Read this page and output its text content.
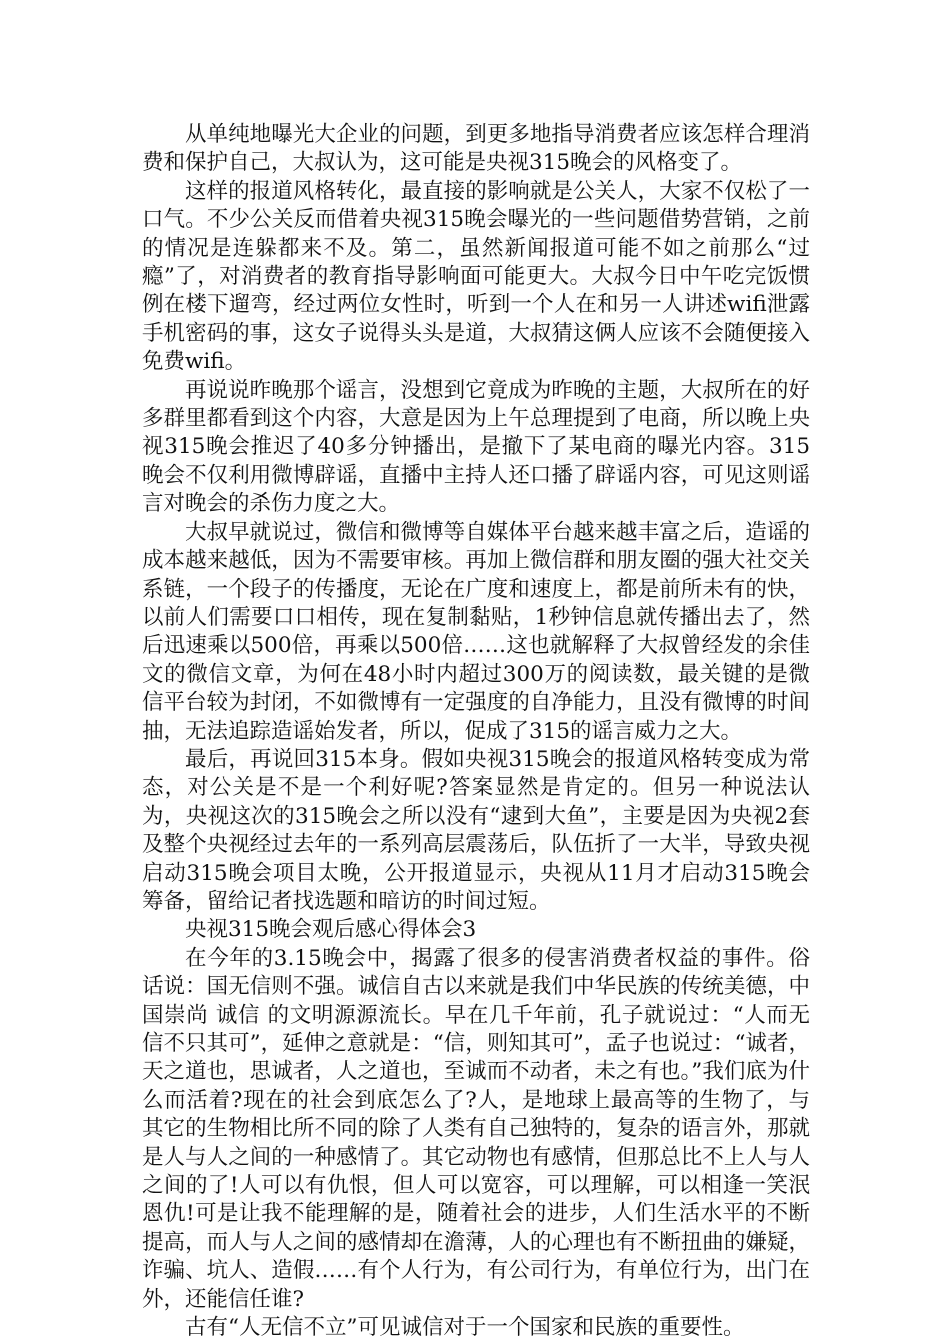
从单纯地曝光大企业的问题，到更多地指导消费者应该怎样合理消费和保护自己，大叔认为，这可能是央视315晚会的风格变了。

这样的报道风格转化，最直接的影响就是公关人，大家不仅松了一口气。不少公关反而借着央视315晚会曝光的一些问题借势营销，之前的情况是连躲都来不及。第二，虽然新闻报道可能不如之前那么“过瘾”了，对消费者的教育指导影响面可能更大。大叔今日中午吃完饭惯例在楼下遛弯，经过两位女性时，听到一个人在和另一人讲述wifi泄露手机密码的事，这女子说得头头是道，大叔猜这俩人应该不会随便接入免费wifi。

再说说昨晚那个谣言，没想到它竟成为昨晚的主题，大叔所在的好多群里都看到这个内容，大意是因为上午总理提到了电商，所以晚上央视315晚会推迟了40多分钟播出，是撤下了某电商的曝光内容。315晚会不仅利用微博辟谣，直播中主持人还口播了辟谣内容，可见这则谣言对晚会的杀伤力度之大。

大叔早就说过，微信和微博等自媒体平台越来越丰富之后，造谣的成本越来越低，因为不需要审核。再加上微信群和朋友圈的强大社交关系链，一个段子的传播度，无论在广度和速度上，都是前所未有的快，以前人们需要口口相传，现在复制黏贴，1秒钟信息就传播出去了，然后迅速乘以500倍，再乘以500倍……这也就解释了大叔曾经发的余佳文的微信文章，为何在48小时内超过300万的阅读数，最关键的是微信平台较为封闭，不如微博有一定强度的自净能力，且没有微博的时间抽，无法追踪造谣始发者，所以，促成了315的谣言威力之大。

最后，再说回315本身。假如央视315晚会的报道风格转变成为常态，对公关是不是一个利好呢?答案显然是肯定的。但另一种说法认为，央视这次的315晚会之所以没有“逮到大鱼”，主要是因为央视2套及整个央视经过去年的一系列高层震荡后，队伍折了一大半，导致央视启动315晚会项目太晚，公开报道显示，央视从11月才启动315晚会筹备，留给记者找选题和暗访的时间过短。

央视315晚会观后感心得体会3

在今年的3.15晚会中，揭露了很多的侵害消费者权益的事件。俗话说：国无信则不强。诚信自古以来就是我们中华民族的传统美德，中国崇尚 诚信 的文明源源流长。早在几千年前，孔子就说过：“人而无信不只其可”，延伸之意就是：“信，则知其可”，孟子也说过：“诚者，天之道也，思诚者，人之道也，至诚而不动者，未之有也。”我们底为什么而活着?现在的社会到底怎么了?人，是地球上最高等的生物了，与其它的生物相比所不同的除了人类有自己独特的，复杂的语言外，那就是人与人之间的一种感情了。其它动物也有感情，但那总比不上人与人之间的了!人可以有仇恨，但人可以宽容，可以理解，可以相逢一笑泯恩仇!可是让我不能理解的是，随着社会的进步，人们生活水平的不断提高，而人与人之间的感情却在澹薄，人的心理也有不断扭曲的嫌疑，诈骗、坑人、造假……有个人行为，有公司行为，有单位行为，出门在外，还能信任谁?

古有“人无信不立”可见诚信对于一个国家和民族的重要性。
